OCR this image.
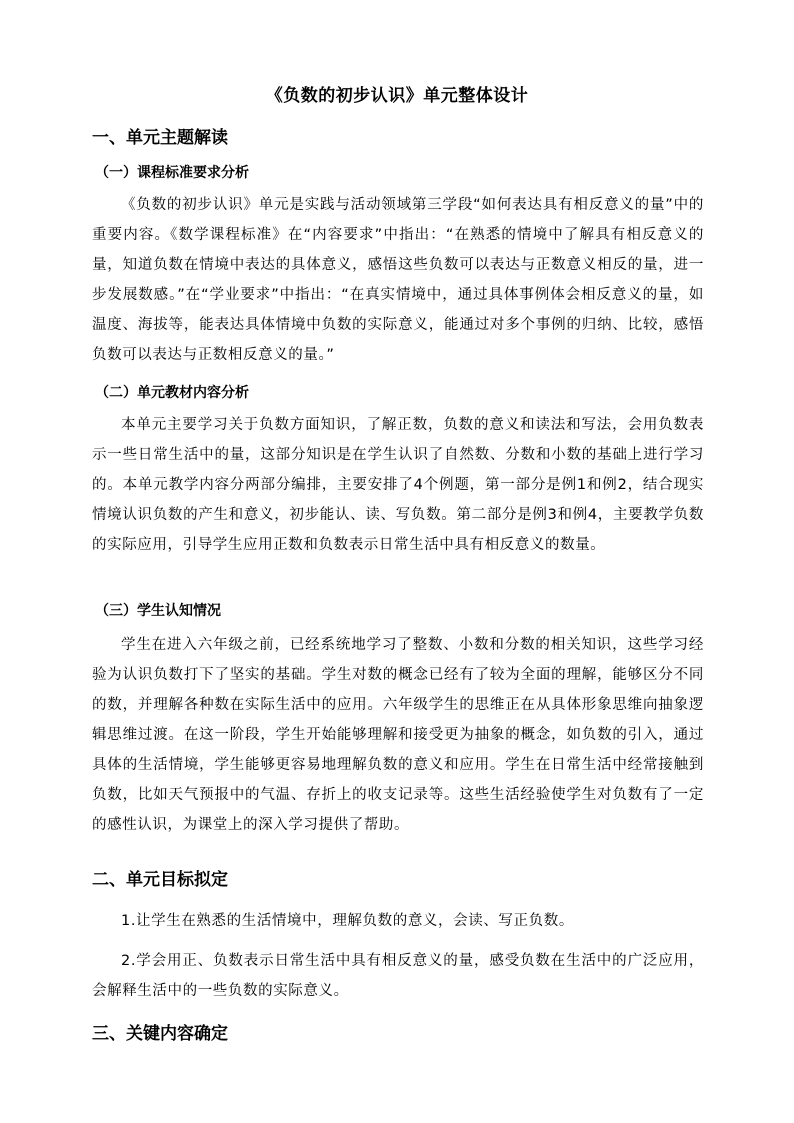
《负数的初步认识》单元整体设计
一、单元主题解读
（一）课程标准要求分析

《负数的初步认识》单元是实践与活动领域第三学段“如何表达具有相反意义的量”中的重要内容。《数学课程标准》在“内容要求”中指出：“在熟悉的情境中了解具有相反意义的量，知道负数在情境中表达的具体意义，感悟这些负数可以表达与正数意义相反的量，进一步发展数感。”在“学业要求”中指出：“在真实情境中，通过具体事例体会相反意义的量，如温度、海拔等，能表达具体情境中负数的实际意义，能通过对多个事例的归纳、比较，感悟负数可以表达与正数相反意义的量。”

（二）单元教材内容分析

本单元主要学习关于负数方面知识，了解正数，负数的意义和读法和写法，会用负数表示一些日常生活中的量，这部分知识是在学生认识了自然数、分数和小数的基础上进行学习的。本单元教学内容分两部分编排，主要安排了4个例题，第一部分是例1和例2，结合现实情境认识负数的产生和意义，初步能认、读、写负数。第二部分是例3和例4，主要教学负数的实际应用，引导学生应用正数和负数表示日常生活中具有相反意义的数量。

（三）学生认知情况

学生在进入六年级之前，已经系统地学习了整数、小数和分数的相关知识，这些学习经验为认识负数打下了坚实的基础。学生对数的概念已经有了较为全面的理解，能够区分不同的数，并理解各种数在实际生活中的应用。六年级学生的思维正在从具体形象思维向抽象逻辑思维过渡。在这一阶段，学生开始能够理解和接受更为抽象的概念，如负数的引入，通过具体的生活情境，学生能够更容易地理解负数的意义和应用。学生在日常生活中经常接触到负数，比如天气预报中的气温、存折上的收支记录等。这些生活经验使学生对负数有了一定的感性认识，为课堂上的深入学习提供了帮助。

二、单元目标拟定

1.让学生在熟悉的生活情境中，理解负数的意义，会读、写正负数。

2.学会用正、负数表示日常生活中具有相反意义的量，感受负数在生活中的广泛应用，会解释生活中的一些负数的实际意义。

三、关键内容确定
